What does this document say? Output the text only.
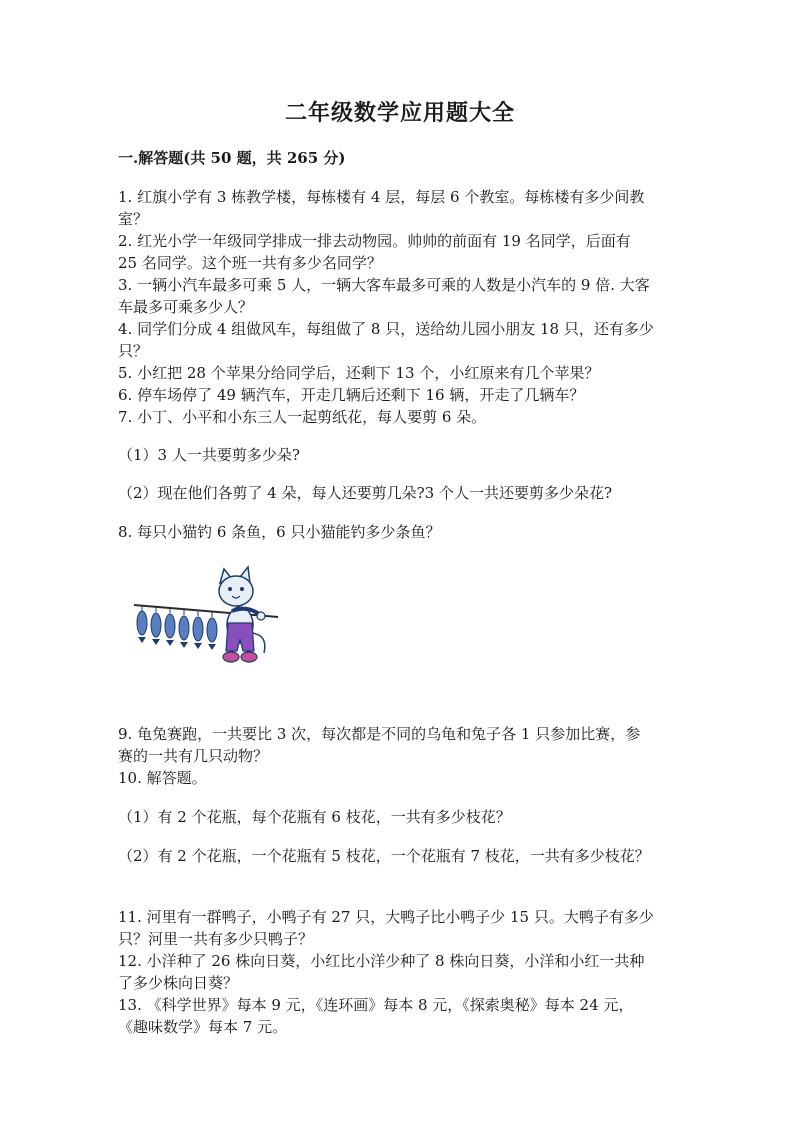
二年级数学应用题大全
一.解答题(共 50 题，共 265 分)
1. 红旗小学有 3 栋教学楼，每栋楼有 4 层，每层 6 个教室。每栋楼有多少间教
室？
2. 红光小学一年级同学排成一排去动物园。帅帅的前面有 19 名同学，后面有
25 名同学。这个班一共有多少名同学？
3. 一辆小汽车最多可乘 5 人，一辆大客车最多可乘的人数是小汽车的 9 倍. 大客
车最多可乘多少人？
4. 同学们分成 4 组做风车，每组做了 8 只，送给幼儿园小朋友 18 只，还有多少
只？
5. 小红把 28 个苹果分给同学后，还剩下 13 个，小红原来有几个苹果？
6. 停车场停了 49 辆汽车，开走几辆后还剩下 16 辆，开走了几辆车？
7. 小丁、小平和小东三人一起剪纸花，每人要剪 6 朵。
（1）3 人一共要剪多少朵?
（2）现在他们各剪了 4 朵，每人还要剪几朵?3 个人一共还要剪多少朵花?
8. 每只小猫钓 6 条鱼，6 只小猫能钓多少条鱼？
9. 龟兔赛跑，一共要比 3 次，每次都是不同的乌龟和兔子各 1 只参加比赛，参
赛的一共有几只动物？
10. 解答题。
（1）有 2 个花瓶，每个花瓶有 6 枝花，一共有多少枝花？
（2）有 2 个花瓶，一个花瓶有 5 枝花，一个花瓶有 7 枝花，一共有多少枝花？
11. 河里有一群鸭子，小鸭子有 27 只，大鸭子比小鸭子少 15 只。大鸭子有多少
只？河里一共有多少只鸭子？
12. 小洋种了 26 株向日葵，小红比小洋少种了 8 株向日葵，小洋和小红一共种
了多少株向日葵？
13. 《科学世界》每本 9 元，《连环画》每本 8 元，《探索奥秘》每本 24 元，
《趣味数学》每本 7 元。
